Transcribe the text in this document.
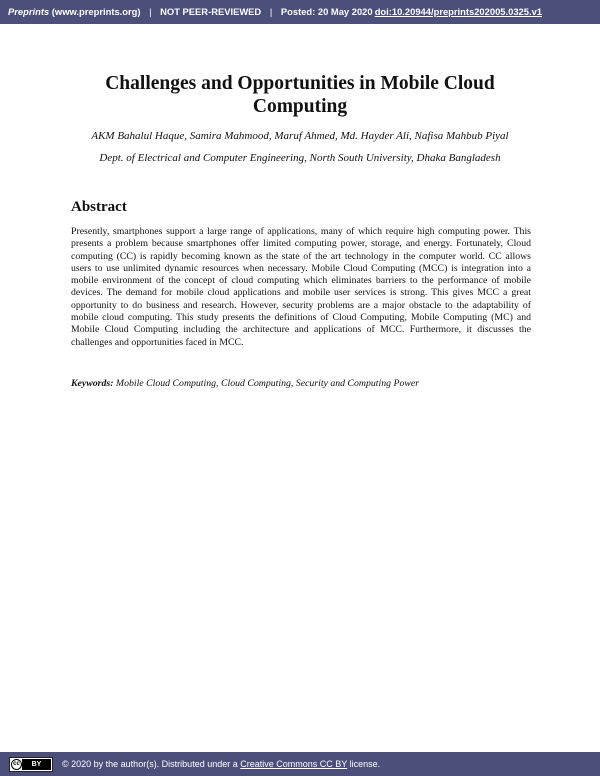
Preprints (www.preprints.org) | NOT PEER-REVIEWED | Posted: 20 May 2020 doi:10.20944/preprints202005.0325.v1
Challenges and Opportunities in Mobile Cloud Computing
AKM Bahalul Haque, Samira Mahmood, Maruf Ahmed, Md. Hayder Ali, Nafisa Mahbub Piyal
Dept. of Electrical and Computer Engineering, North South University, Dhaka Bangladesh
Abstract
Presently, smartphones support a large range of applications, many of which require high computing power. This presents a problem because smartphones offer limited computing power, storage, and energy. Fortunately, Cloud computing (CC) is rapidly becoming known as the state of the art technology in the computer world. CC allows users to use unlimited dynamic resources when necessary. Mobile Cloud Computing (MCC) is integration into a mobile environment of the concept of cloud computing which eliminates barriers to the performance of mobile devices. The demand for mobile cloud applications and mobile user services is strong. This gives MCC a great opportunity to do business and research. However, security problems are a major obstacle to the adaptability of mobile cloud computing. This study presents the definitions of Cloud Computing, Mobile Computing (MC) and Mobile Cloud Computing including the architecture and applications of MCC. Furthermore, it discusses the challenges and opportunities faced in MCC.
Keywords: Mobile Cloud Computing, Cloud Computing, Security and Computing Power
cc	BY	© 2020 by the author(s). Distributed under a Creative Commons CC BY license.
